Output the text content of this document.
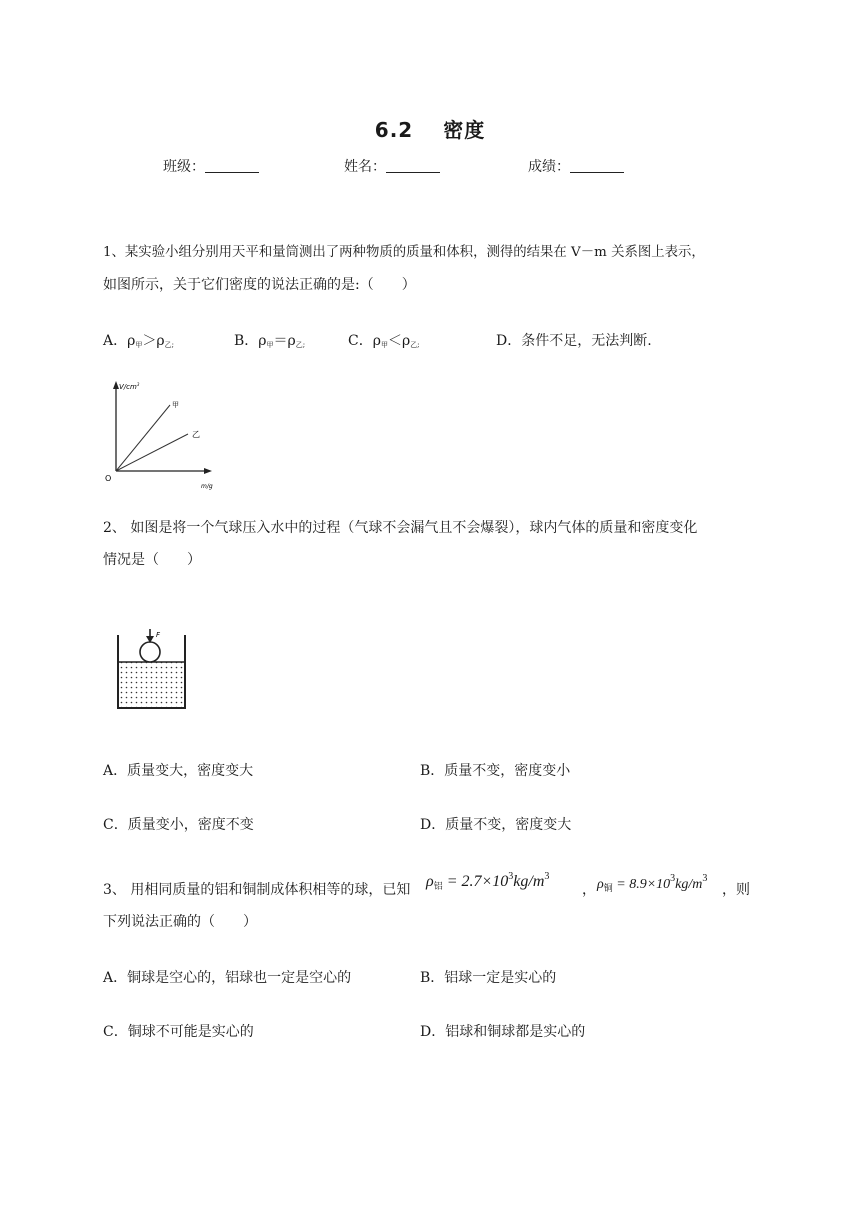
6.2 密度
班级：	姓名：	成绩：
1、某实验小组分别用天平和量筒测出了两种物质的质量和体积，测得的结果在 V－m 关系图上表示，
如图所示，关于它们密度的说法正确的是:（　　）
A．$\rho_甲>\rho_{乙;}$	B．$\rho_甲=\rho_{乙;}$	C．$\rho_甲<\rho_{乙;}$	D．条件不足，无法判断.
$V/cm^3$
m/g
O
甲
乙
2、 如图是将一个气球压入水中的过程（气球不会漏气且不会爆裂），球内气体的质量和密度变化
情况是（　　）
F
A．质量变大，密度变大	B．质量不变，密度变小
C．质量变小，密度不变	D．质量不变，密度变大
3、 用相同质量的铝和铜制成体积相等的球，已知 ρ铝 = $2.7\times 10^3kg/m^3$
， $\rho_铜 = 8.9\times 10^3kg/m^3$
，则
下列说法正确的（　　）
A．铜球是空心的，铝球也一定是空心的	B．铝球一定是实心的
C．铜球不可能是实心的	D．铝球和铜球都是实心的
